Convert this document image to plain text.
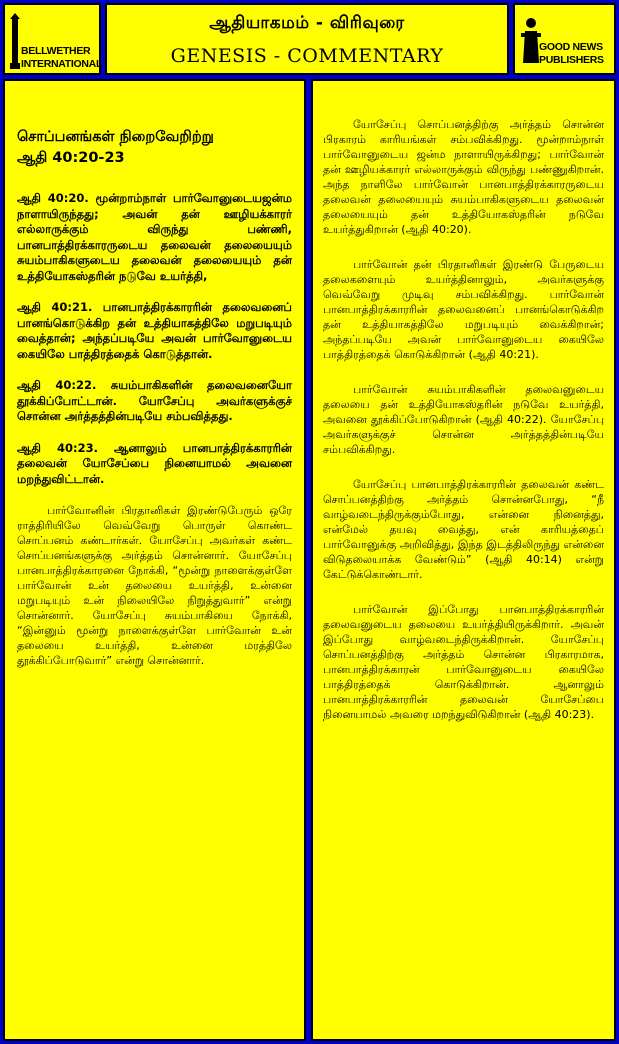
BELLWETHER
INTERNATIONAL
ஆதியாகமம் - விரிவுரை
GENESIS - COMMENTARY	GOOD NEWS
PUBLISHERS
சொப்பனங்கள் நிறைவேறிற்று
ஆதி 40:20-23

ஆதி 40:20. மூன்றாம்நாள் பார்வோனுடையஜன்ம நாளாயிருந்தது; அவன் தன் ஊழியக்காரர் எல்லாருக்கும் விருந்து பண்ணி, பானபாத்திரக்காரருடைய தலைவன் தலையையும் சுயம்பாகிகளுடைய தலைவன் தலையையும் தன் உத்தியோகஸ்தரின் நடுவே உயர்த்தி,

ஆதி 40:21. பானபாத்திரக்காரரின் தலைவனைப் பானங்கொடுக்கிற தன் உத்தியாகத்திலே மறுபடியும் வைத்தான்; அந்தப்படியே அவன் பார்வோனுடைய கையிலே பாத்திரத்தைக் கொடுத்தான்.

ஆதி 40:22. சுயம்பாகிகளின் தலைவனையோ தூக்கிப்போட்டான். யோசேப்பு அவர்களுக்குச் சொன்ன அர்த்தத்தின்படியே சம்பவித்தது.

ஆதி 40:23. ஆனாலும் பானபாத்திரக்காரரின் தலைவன் யோசேப்பை நினையாமல் அவனை மறந்துவிட்டான்.

பார்வோனின் பிரதானிகள் இரண்டுபேரும் ஒரே ராத்திரியிலே வெவ்வேறு பொருள் கொண்ட சொப்பனம் கண்டார்கள். யோசேப்பு அவர்கள் கண்ட சொப்பனங்களுக்கு அர்த்தம் சொன்னார். யோசேப்பு பானபாத்திரக்காரனை நோக்கி, “மூன்று நாளைக்குள்ளே பார்வோன் உன் தலையை உயர்த்தி, உன்னை மறுபடியும் உன் நிலையிலே நிறுத்துவார்” என்று சொன்னார். யோசேப்பு சுயம்பாகியை நோக்கி, “இன்னும் மூன்று நாளைக்குள்ளே பார்வோன் உன் தலையை உயர்த்தி, உன்னை மரத்திலே தூக்கிப்போடுவார்” என்று சொன்னார்.

யோசேப்பு சொப்பனத்திற்கு அர்த்தம் சொன்ன பிரகாரம் காரியங்கள் சம்பவிக்கிறது. மூன்றாம்நாள் பார்வோனுடைய ஜன்ம நாளாயிருக்கிறது; பார்வோன் தன் ஊழியக்காரர் எல்லாருக்கும் விருந்து பண்ணுகிறான். அந்த நாளிலே பார்வோன் பானபாத்திரக்காரருடைய தலைவன் தலையையும் சுயம்பாகிகளுடைய தலைவன் தலையையும் தன் உத்தியோகஸ்தரின் நடுவே உயர்த்துகிறான் (ஆதி 40:20).

பார்வோன் தன் பிரதானிகள் இரண்டு பேருடைய தலைகளையும் உயர்த்தினாலும், அவர்களுக்கு வெவ்வேறு முடிவு சம்பவிக்கிறது. பார்வோன் பானபாத்திரக்காரரின் தலைவனைப் பானங்கொடுக்கிற தன் உத்தியாகத்திலே மறுபடியும் வைக்கிறான்; அந்தப்படியே அவன் பார்வோனுடைய கையிலே பாத்திரத்தைக் கொடுக்கிறான் (ஆதி 40:21).

பார்வோன் சுயம்பாகிகளின் தலைவனுடைய தலையை தன் உத்தியோகஸ்தரின் நடுவே உயர்த்தி, அவனை தூக்கிப்போடுகிறான் (ஆதி 40:22). யோசேப்பு அவர்களுக்குச் சொன்ன அர்த்தத்தின்படியே சம்பவிக்கிறது.

யோசேப்பு பானபாத்திரக்காரரின் தலைவன் கண்ட சொப்பனத்திற்கு அர்த்தம் சொன்னபோது, “நீ வாழ்வடைந்திருக்கும்போது, என்னை நினைத்து, என்மேல் தயவு வைத்து, என் காரியத்தைப் பார்வோனுக்கு அறிவித்து, இந்த இடத்திலிருந்து என்னை விடுதலையாக்க வேண்டும்” (ஆதி 40:14) என்று கேட்டுக்கொண்டார்.

பார்வோன் இப்போது பானபாத்திரக்காரரின் தலைவனுடைய தலையை உயர்த்தியிருக்கிறார். அவன் இப்போது வாழ்வடைந்திருக்கிறான். யோசேப்பு சொப்பனத்திற்கு அர்த்தம் சொன்ன பிரகாரமாக, பானபாத்திரக்காரன் பார்வோனுடைய கையிலே பாத்திரத்தைக் கொடுக்கிறான். ஆனாலும் பானபாத்திரக்காரரின் தலைவன் யோசேப்பை நினையாமல் அவரை மறந்துவிடுகிறான் (ஆதி 40:23).
